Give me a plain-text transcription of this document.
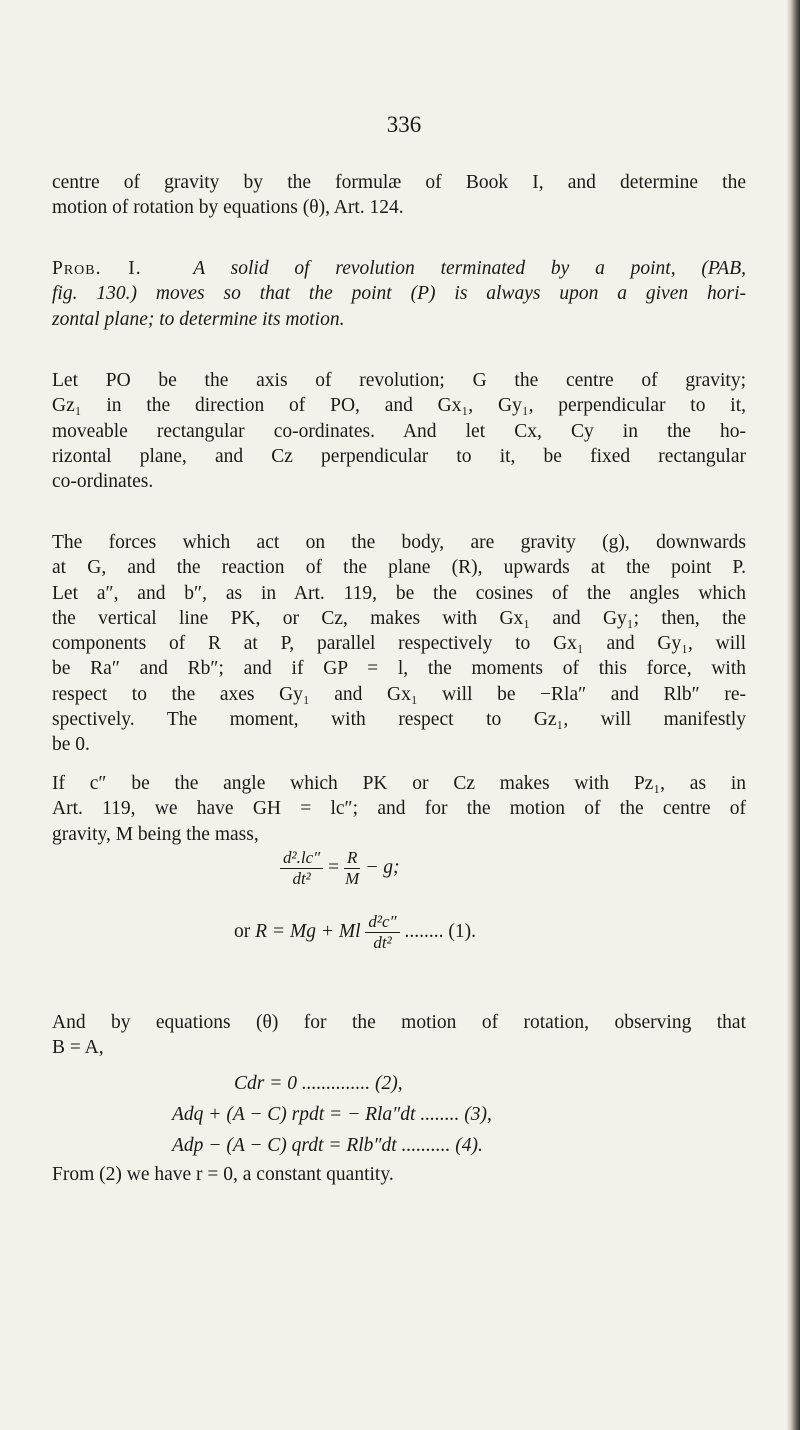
336
centre of gravity by the formulæ of Book I, and determine the
motion of rotation by equations (θ), Art. 124.
Prob. I.	A solid of revolution terminated by a point, (PAB,
fig. 130.) moves so that the point (P) is always upon a given hori-
zontal plane; to determine its motion.
Let PO be the axis of revolution; G the centre of gravity;
Gz₁ in the direction of PO, and Gx₁, Gy₁, perpendicular to it,
moveable rectangular co-ordinates. And let Cx, Cy in the ho-
rizontal plane, and Cz perpendicular to it, be fixed rectangular
co-ordinates.
The forces which act on the body, are gravity (g), downwards
at G, and the reaction of the plane (R), upwards at the point P.
Let a″, and b″, as in Art. 119, be the cosines of the angles which
the vertical line PK, or Cz, makes with Gx₁ and Gy₁; then, the
components of R at P, parallel respectively to Gx₁ and Gy₁, will
be Ra″ and Rb″; and if GP = l, the moments of this force, with
respect to the axes Gy₁ and Gx₁ will be −Rla″ and Rlb″ re-
spectively. The moment, with respect to Gz₁, will manifestly
be 0.
If c″ be the angle which PK or Cz makes with Pz₁, as in
Art. 119, we have GH = lc″; and for the motion of the centre of
gravity, M being the mass,
$\frac{\text{d².lc″}}{\text{dt²}} = \frac{R}{M} - g$;
or R = Mg + Ml $\frac{\text{d²c″}}{\text{dt²}}$ ........ (1).
And by equations (θ) for the motion of rotation, observing that
B = A,
Cdr = 0 .............. (2),
Adq + (A − C) rpdt = − Rla″dt ........ (3),
Adp − (A − C) qrdt = Rlb″dt .......... (4).
From (2) we have r = 0, a constant quantity.
